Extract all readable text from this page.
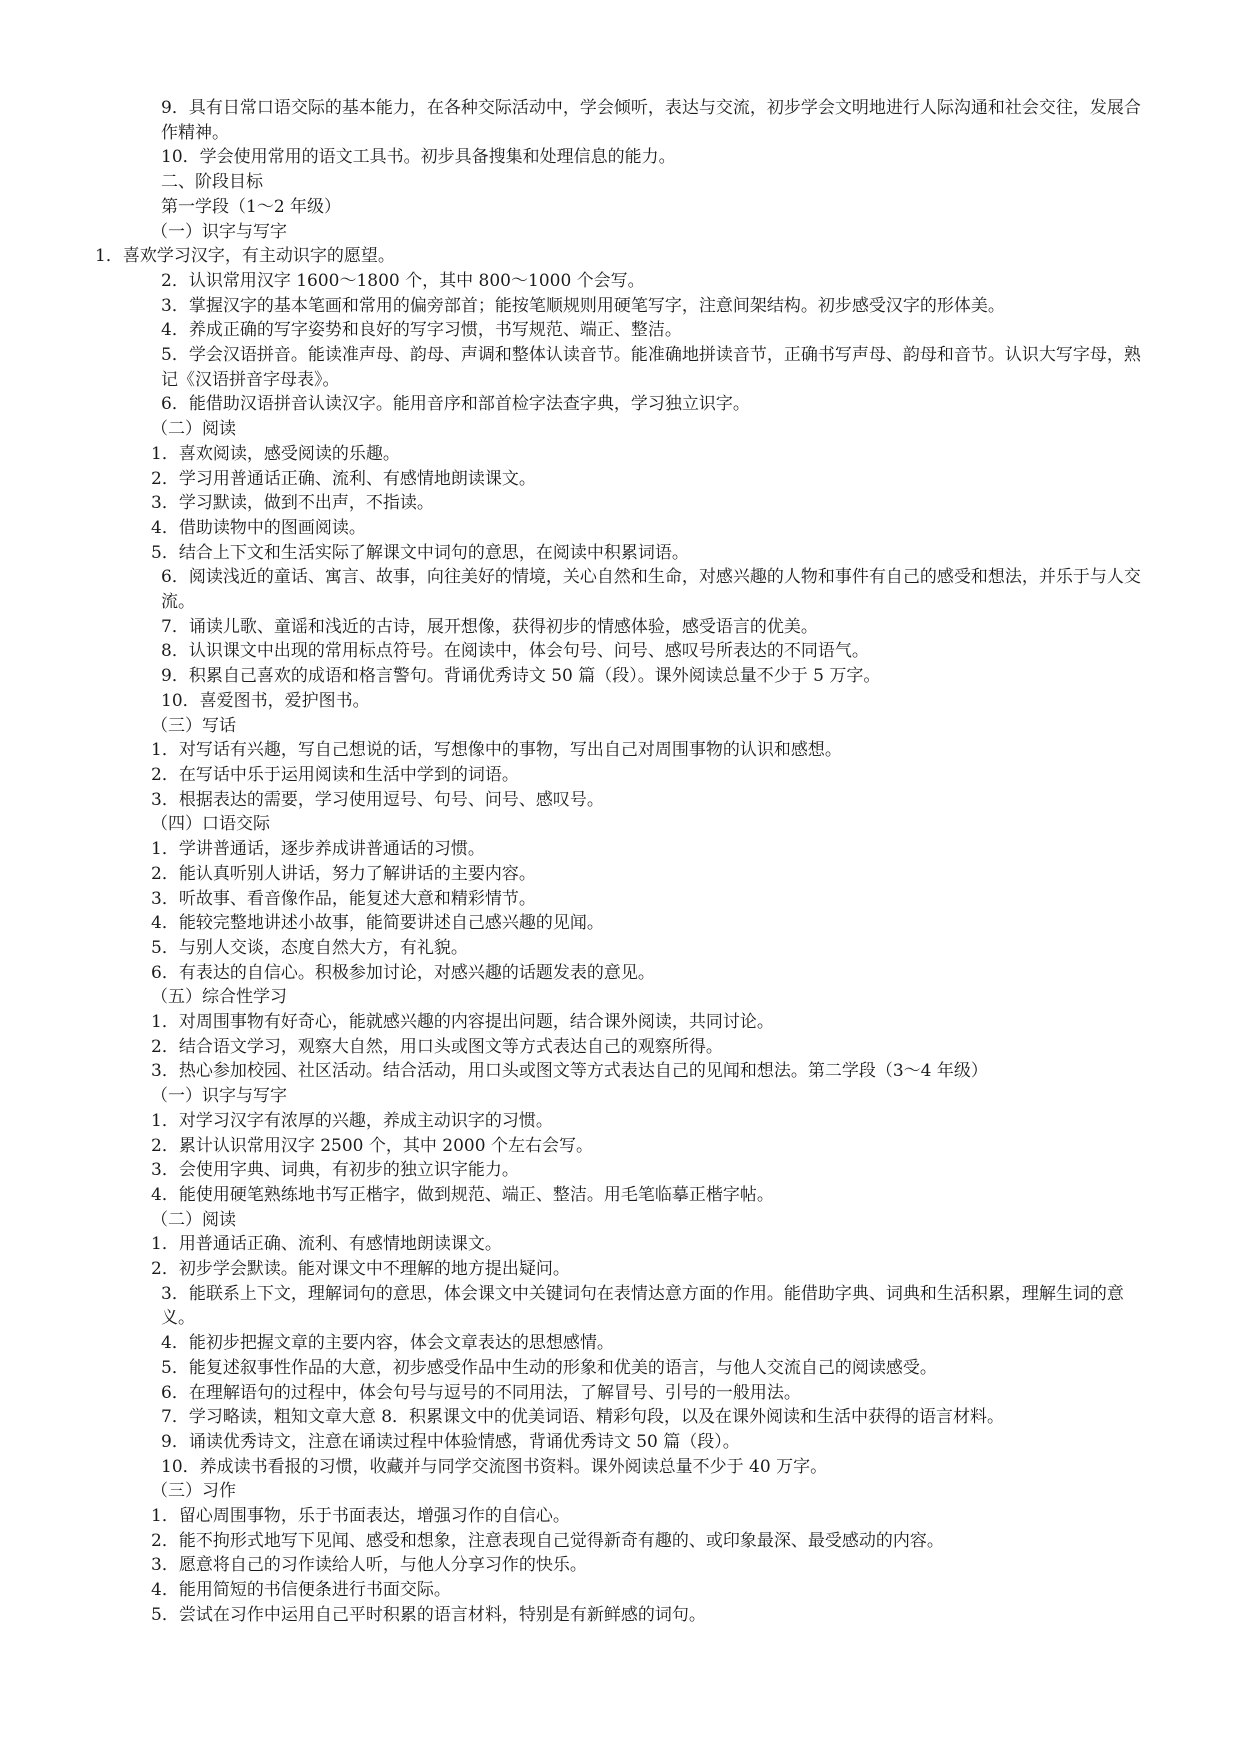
9．具有日常口语交际的基本能力，在各种交际活动中，学会倾听，表达与交流，初步学会文明地进行人际沟通和社会交往，发展合作精神。

10．学会使用常用的语文工具书。初步具备搜集和处理信息的能力。

二、阶段目标

第一学段（1～2 年级）

（一）识字与写字

1．喜欢学习汉字，有主动识字的愿望。

2．认识常用汉字 1600～1800 个，其中 800～1000 个会写。

3．掌握汉字的基本笔画和常用的偏旁部首；能按笔顺规则用硬笔写字，注意间架结构。初步感受汉字的形体美。

4．养成正确的写字姿势和良好的写字习惯，书写规范、端正、整洁。

5．学会汉语拼音。能读准声母、韵母、声调和整体认读音节。能准确地拼读音节，正确书写声母、韵母和音节。认识大写字母，熟记《汉语拼音字母表》。

6．能借助汉语拼音认读汉字。能用音序和部首检字法查字典，学习独立识字。

（二）阅读

1．喜欢阅读，感受阅读的乐趣。

2．学习用普通话正确、流利、有感情地朗读课文。

3．学习默读，做到不出声，不指读。

4．借助读物中的图画阅读。

5．结合上下文和生活实际了解课文中词句的意思，在阅读中积累词语。

6．阅读浅近的童话、寓言、故事，向往美好的情境，关心自然和生命，对感兴趣的人物和事件有自己的感受和想法，并乐于与人交流。

7．诵读儿歌、童谣和浅近的古诗，展开想像，获得初步的情感体验，感受语言的优美。

8．认识课文中出现的常用标点符号。在阅读中，体会句号、问号、感叹号所表达的不同语气。

9．积累自己喜欢的成语和格言警句。背诵优秀诗文 50 篇（段）。课外阅读总量不少于 5 万字。

10．喜爱图书，爱护图书。

（三）写话

1．对写话有兴趣，写自己想说的话，写想像中的事物，写出自己对周围事物的认识和感想。

2．在写话中乐于运用阅读和生活中学到的词语。

3．根据表达的需要，学习使用逗号、句号、问号、感叹号。

（四）口语交际

1．学讲普通话，逐步养成讲普通话的习惯。

2．能认真听别人讲话，努力了解讲话的主要内容。

3．听故事、看音像作品，能复述大意和精彩情节。

4．能较完整地讲述小故事，能简要讲述自己感兴趣的见闻。

5．与别人交谈，态度自然大方，有礼貌。

6．有表达的自信心。积极参加讨论，对感兴趣的话题发表的意见。

（五）综合性学习

1．对周围事物有好奇心，能就感兴趣的内容提出问题，结合课外阅读，共同讨论。

2．结合语文学习，观察大自然，用口头或图文等方式表达自己的观察所得。

3．热心参加校园、社区活动。结合活动，用口头或图文等方式表达自己的见闻和想法。第二学段（3～4 年级）

（一）识字与写字

1．对学习汉字有浓厚的兴趣，养成主动识字的习惯。

2．累计认识常用汉字 2500 个，其中 2000 个左右会写。

3．会使用字典、词典，有初步的独立识字能力。

4．能使用硬笔熟练地书写正楷字，做到规范、端正、整洁。用毛笔临摹正楷字帖。

（二）阅读

1．用普通话正确、流利、有感情地朗读课文。

2．初步学会默读。能对课文中不理解的地方提出疑问。

3．能联系上下文，理解词句的意思，体会课文中关键词句在表情达意方面的作用。能借助字典、词典和生活积累，理解生词的意义。

4．能初步把握文章的主要内容，体会文章表达的思想感情。

5．能复述叙事性作品的大意，初步感受作品中生动的形象和优美的语言，与他人交流自己的阅读感受。

6．在理解语句的过程中，体会句号与逗号的不同用法，了解冒号、引号的一般用法。

7．学习略读，粗知文章大意 8．积累课文中的优美词语、精彩句段，以及在课外阅读和生活中获得的语言材料。

9．诵读优秀诗文，注意在诵读过程中体验情感，背诵优秀诗文 50 篇（段）。

10．养成读书看报的习惯，收藏并与同学交流图书资料。课外阅读总量不少于 40 万字。

（三）习作

1．留心周围事物，乐于书面表达，增强习作的自信心。

2．能不拘形式地写下见闻、感受和想象，注意表现自己觉得新奇有趣的、或印象最深、最受感动的内容。

3．愿意将自己的习作读给人听，与他人分享习作的快乐。

4．能用简短的书信便条进行书面交际。

5．尝试在习作中运用自己平时积累的语言材料，特别是有新鲜感的词句。
